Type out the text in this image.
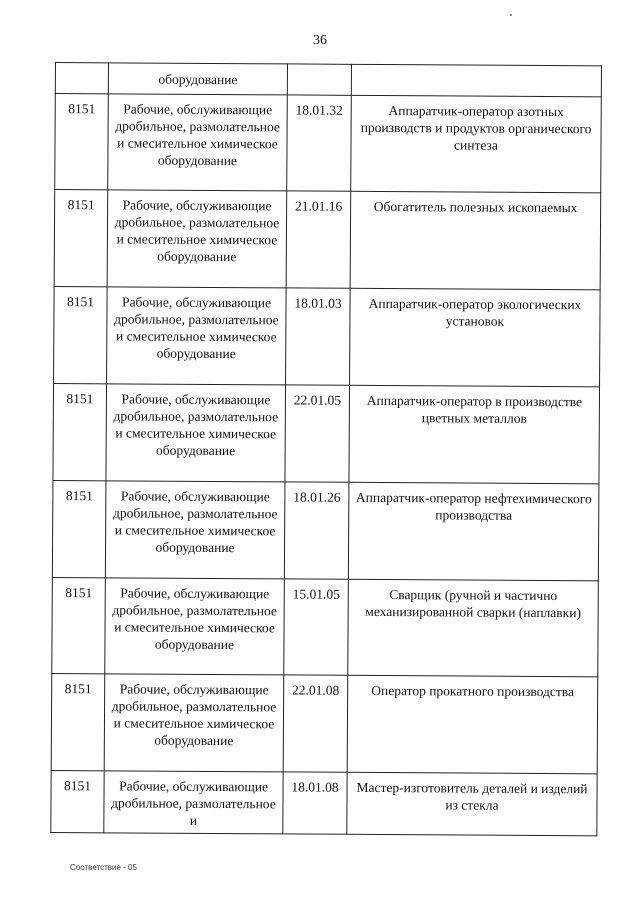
36
	оборудование		
8151	Рабочие, обслуживающие дробильное, размолательное и смесительное химическое оборудование	18.01.32	Аппаратчик-оператор азотных производств и продуктов органического синтеза
8151	Рабочие, обслуживающие дробильное, размолательное и смесительное химическое оборудование	21.01.16	Обогатитель полезных ископаемых
8151	Рабочие, обслуживающие дробильное, размолательное и смесительное химическое оборудование	18.01.03	Аппаратчик-оператор экологических установок
8151	Рабочие, обслуживающие дробильное, размолательное и смесительное химическое оборудование	22.01.05	Аппаратчик-оператор в производстве цветных металлов
8151	Рабочие, обслуживающие дробильное, размолательное и смесительное химическое оборудование	18.01.26	Аппаратчик-оператор нефтехимического производства
8151	Рабочие, обслуживающие дробильное, размолательное и смесительное химическое оборудование	15.01.05	Сварщик (ручной и частично механизированной сварки (наплавки)
8151	Рабочие, обслуживающие дробильное, размолательное и смесительное химическое оборудование	22.01.08	Оператор прокатного производства
8151	Рабочие, обслуживающие дробильное, размолательное и	18.01.08	Мастер-изготовитель деталей и изделий из стекла
Соответствие - 05
